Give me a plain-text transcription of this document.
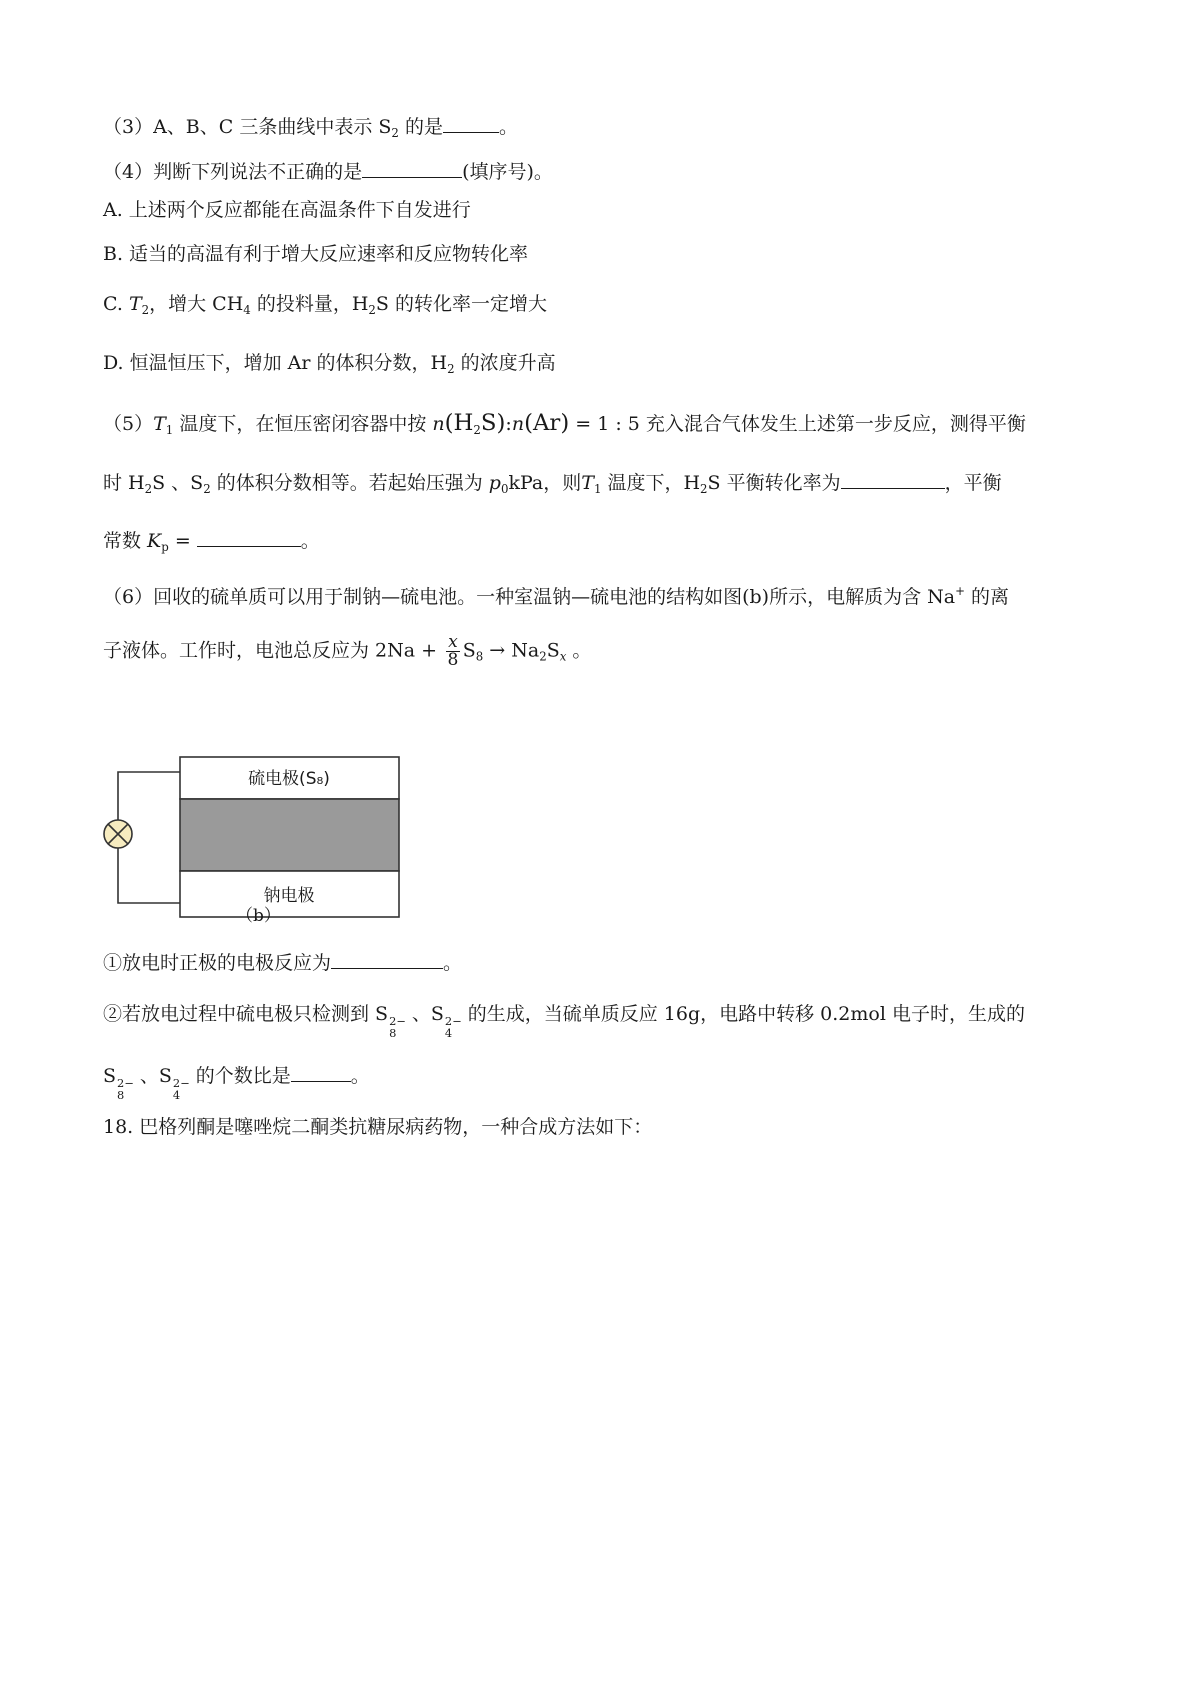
（3）A、B、C 三条曲线中表示 $S_2$ 的是	。
（4）判断下列说法不正确的是	(填序号)。
A. 上述两个反应都能在高温条件下自发进行
B. 适当的高温有利于增大反应速率和反应物转化率
C. $T_2$，增大 $CH_4$ 的投料量，$H_2S$ 的转化率一定增大
D. 恒温恒压下，增加 Ar 的体积分数，$H_2$ 的浓度升高
$(5)T_1$ 温度下，在恒压密闭容器中按 $n(H_2S):n(Ar) = 1$ : 5 充入混合气体发生上述第一步反应，测得平衡
时 $H_2S$ 、$S_2$ 的体积分数相等。若起始压强为 $p_0kPa$，则$T_1$ 温度下，$H_2S$ 平衡转化率为	，平衡
常数 $K_p$ =	。
（6）回收的硫单质可以用于制钠—硫电池。一种室温钠—硫电池的结构如图(b)所示，电解质为含 Na+ 的离
子液体。工作时，电池总反应为 $2Na + \frac{x}{8} S_8 \to Na_2S_x$ 。
硫电极(S₈)
钠电极
（b）
①放电时正极的电极反应为	。
②若放电过程中硫电极只检测到 S 2−
8
、S 2−
4
的生成，当硫单质反应 16g，电路中转移 0.2mol 电子时，生成的
S 2−
8
、S 2−
4
的个数比是	。
18. 巴格列酮是噻唑烷二酮类抗糖尿病药物，一种合成方法如下：
